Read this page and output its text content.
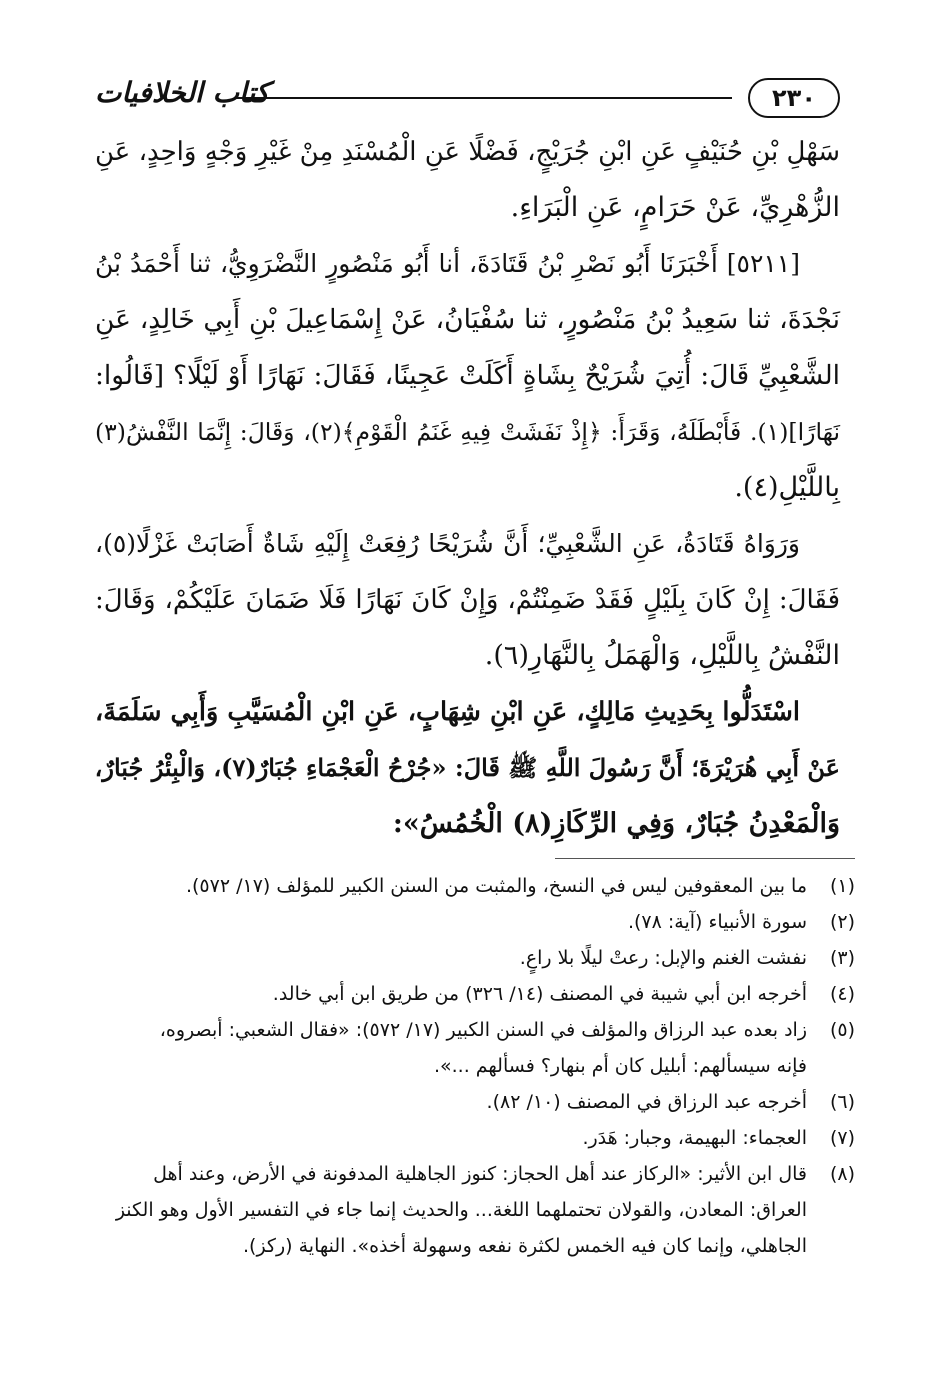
٢٣٠
كتاب الخلافيات
سَهْلِ بْنِ حُنَيْفٍ عَنِ ابْنِ جُرَيْجٍ، فَضْلًا عَنِ الْمُسْنَدِ مِنْ غَيْرِ وَجْهٍ وَاحِدٍ، عَنِ
الزُّهْرِيِّ، عَنْ حَرَامٍ، عَنِ الْبَرَاءِ.
[٥٢١١] أَخْبَرَنَا أَبُو نَصْرِ بْنُ قَتَادَةَ، أنا أَبُو مَنْصُورٍ النَّضْرَوِيُّ، ثنا أَحْمَدُ بْنُ
نَجْدَةَ، ثنا سَعِيدُ بْنُ مَنْصُورٍ، ثنا سُفْيَانُ، عَنْ إِسْمَاعِيلَ بْنِ أَبِي خَالِدٍ، عَنِ
الشَّعْبِيِّ قَالَ: أُتِيَ شُرَيْحٌ بِشَاةٍ أَكَلَتْ عَجِينًا، فَقَالَ: نَهَارًا أَوْ لَيْلًا؟ [قَالُوا:
نَهَارًا](١). فَأَبْطَلَهُ، وَقَرَأَ: ﴿إِذْ نَفَشَتْ فِيهِ غَنَمُ الْقَوْمِ﴾(٢)، وَقَالَ: إِنَّمَا النَّفْشُ(٣)
بِاللَّيْلِ(٤).
وَرَوَاهُ قَتَادَةُ، عَنِ الشَّعْبِيِّ؛ أَنَّ شُرَيْحًا رُفِعَتْ إِلَيْهِ شَاةٌ أَصَابَتْ غَزْلًا(٥)،
فَقَالَ: إِنْ كَانَ بِلَيْلٍ فَقَدْ ضَمِنْتُمْ، وَإِنْ كَانَ نَهَارًا فَلَا ضَمَانَ عَلَيْكُمْ، وَقَالَ:
النَّفْشُ بِاللَّيْلِ، وَالْهَمَلُ بِالنَّهَارِ(٦).
اسْتَدَلُّوا بِحَدِيثِ مَالِكٍ، عَنِ ابْنِ شِهَابٍ، عَنِ ابْنِ الْمُسَيَّبِ وَأَبِي سَلَمَةَ،
عَنْ أَبِي هُرَيْرَةَ؛ أَنَّ رَسُولَ اللَّهِ ﷺ قَالَ: «جُرْحُ الْعَجْمَاءِ جُبَارٌ(٧)، وَالْبِئْرُ جُبَارٌ،
وَالْمَعْدِنُ جُبَارٌ، وَفِي الرِّكَازِ(٨) الْخُمُسُ»:
(١)
ما بين المعقوفين ليس في النسخ، والمثبت من السنن الكبير للمؤلف (١٧/ ٥٧٢).
(٢)
سورة الأنبياء (آية: ٧٨).
(٣)
نفشت الغنم والإبل: رعتْ ليلًا بلا راعٍ.
(٤)
أخرجه ابن أبي شيبة في المصنف (١٤/ ٣٢٦) من طريق ابن أبي خالد.
(٥)
زاد بعده عبد الرزاق والمؤلف في السنن الكبير (١٧/ ٥٧٢): «فقال الشعبي: أبصروه،
فإنه سيسألهم: أبليل كان أم بنهار؟ فسألهم ...».
(٦)
أخرجه عبد الرزاق في المصنف (١٠/ ٨٢).
(٧)
العجماء: البهيمة، وجبار: هَدَر.
(٨)
قال ابن الأثير: «الركاز عند أهل الحجاز: كنوز الجاهلية المدفونة في الأرض، وعند أهل
العراق: المعادن، والقولان تحتملهما اللغة... والحديث إنما جاء في التفسير الأول وهو الكنز الجاهلي، وإنما كان فيه الخمس لكثرة نفعه وسهولة أخذه». النهاية (ركز).
